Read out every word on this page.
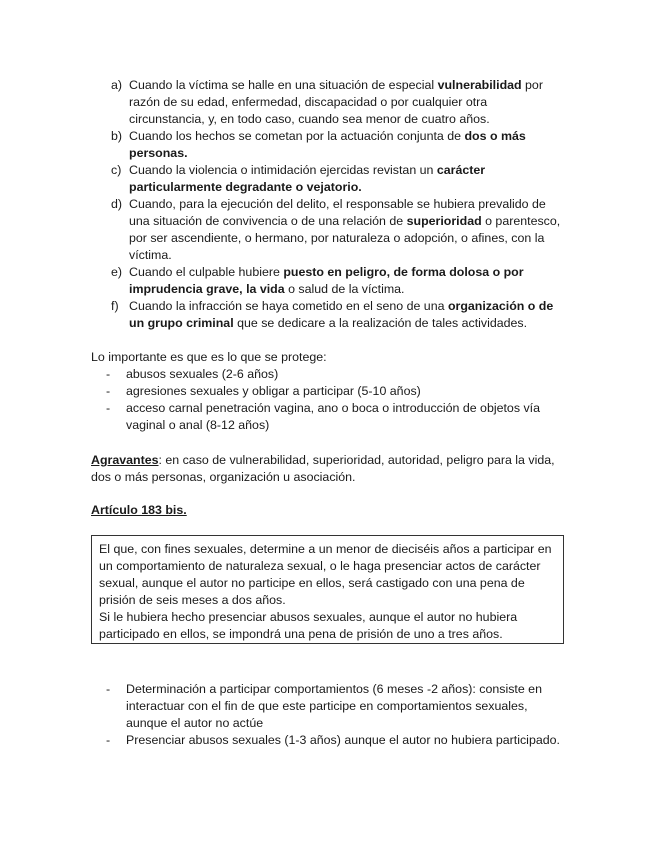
a) Cuando la víctima se halle en una situación de especial vulnerabilidad por
razón de su edad, enfermedad, discapacidad o por cualquier otra
circunstancia, y, en todo caso, cuando sea menor de cuatro años.
b) Cuando los hechos se cometan por la actuación conjunta de dos o más
personas.
c) Cuando la violencia o intimidación ejercidas revistan un carácter
particularmente degradante o vejatorio.
d) Cuando, para la ejecución del delito, el responsable se hubiera prevalido de
una situación de convivencia o de una relación de superioridad o parentesco,
por ser ascendiente, o hermano, por naturaleza o adopción, o afines, con la
víctima.
e) Cuando el culpable hubiere puesto en peligro, de forma dolosa o por
imprudencia grave, la vida o salud de la víctima.
f) Cuando la infracción se haya cometido en el seno de una organización o de
un grupo criminal que se dedicare a la realización de tales actividades.
Lo importante es que es lo que se protege:
- abusos sexuales (2-6 años)
- agresiones sexuales y obligar a participar (5-10 años)
- acceso carnal penetración vagina, ano o boca o introducción de objetos vía
vaginal o anal (8-12 años)
Agravantes: en caso de vulnerabilidad, superioridad, autoridad, peligro para la vida,
dos o más personas, organización u asociación.
Artículo 183 bis.
El que, con fines sexuales, determine a un menor de dieciséis años a participar en
un comportamiento de naturaleza sexual, o le haga presenciar actos de carácter
sexual, aunque el autor no participe en ellos, será castigado con una pena de
prisión de seis meses a dos años.
Si le hubiera hecho presenciar abusos sexuales, aunque el autor no hubiera
participado en ellos, se impondrá una pena de prisión de uno a tres años.
- Determinación a participar comportamientos (6 meses -2 años): consiste en
interactuar con el fin de que este participe en comportamientos sexuales,
aunque el autor no actúe
- Presenciar abusos sexuales (1-3 años) aunque el autor no hubiera participado.
